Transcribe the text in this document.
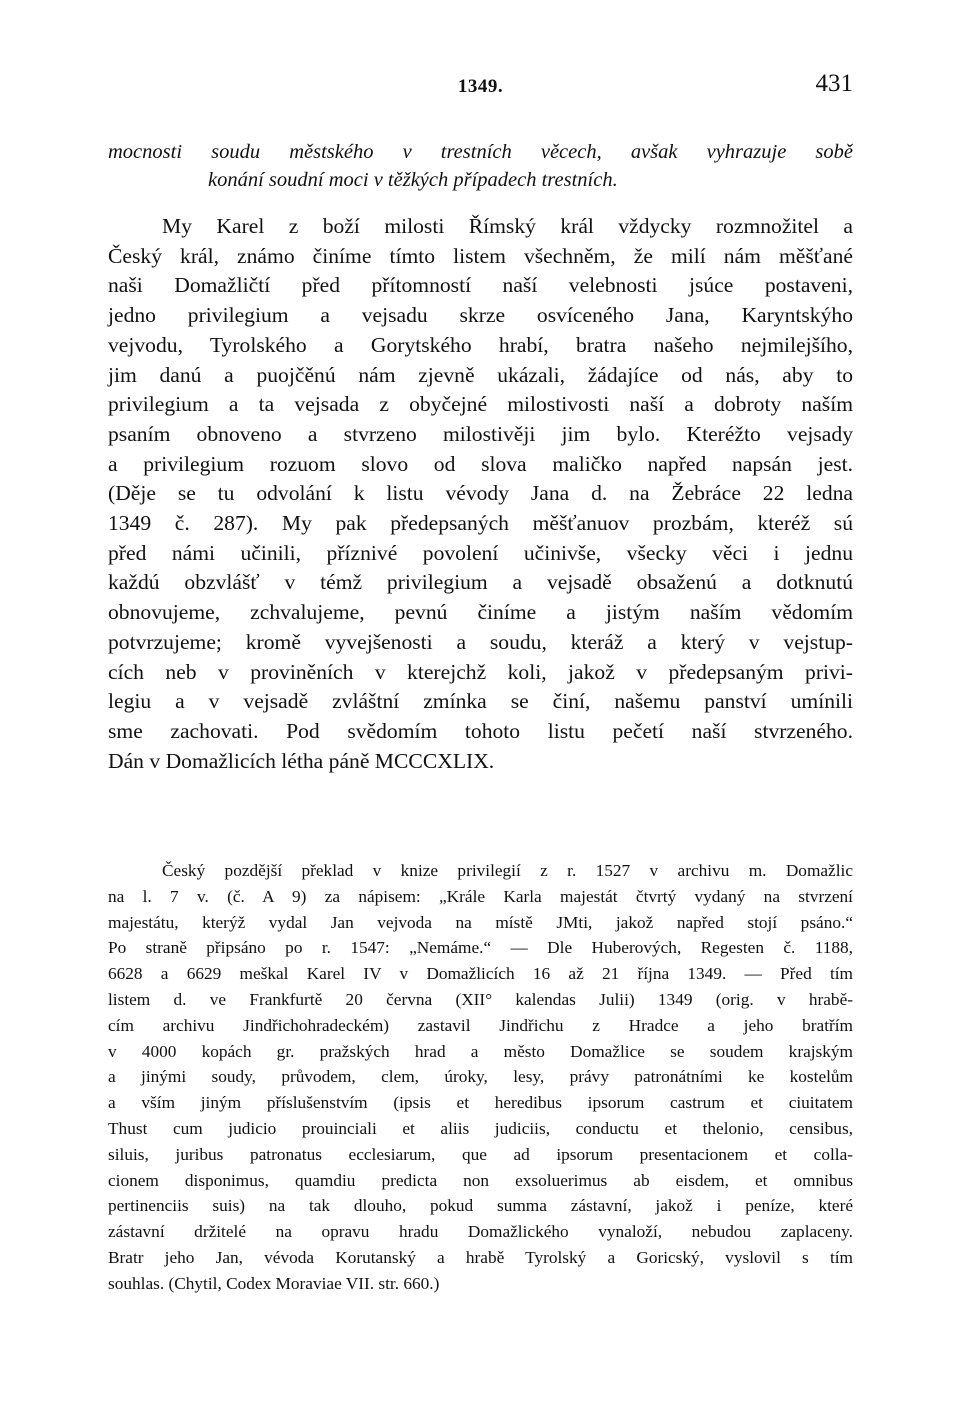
1349.	431
mocnosti soudu městského v trestních věcech, avšak vyhrazuje sobě
konání soudní moci v těžkých případech trestních.
My Karel z boží milosti Římský král vždycky rozmnožitel a
Český král, známo činíme tímto listem všechněm, že milí nám měšťané
naši Domažličtí před přítomností naší velebnosti jsúce postaveni,
jedno privilegium a vejsadu skrze osvíceného Jana, Karyntskýho
vejvodu, Tyrolského a Gorytského hrabí, bratra našeho nejmilejšího,
jim danú a puojčěnú nám zjevně ukázali, žádajíce od nás, aby to
privilegium a ta vejsada z obyčejné milostivosti naší a dobroty naším
psaním obnoveno a stvrzeno milostivěji jim bylo. Kteréžto vejsady
a privilegium rozuom slovo od slova maličko napřed napsán jest.
(Děje se tu odvolání k listu vévody Jana d. na Žebráce 22 ledna
1349 č. 287). My pak předepsaných měšťanuov prozbám, kteréž sú
před námi učinili, příznivé povolení učinivše, všecky věci i jednu
každú obzvlášť v témž privilegium a vejsadě obsaženú a dotknutú
obnovujeme, zchvalujeme, pevnú činíme a jistým naším vědomím
potvrzujeme; kromě vyvejšenosti a soudu, kteráž a který v vejstup-
cích neb v proviněních v kterejchž koli, jakož v předepsaným privi-
legiu a v vejsadě zvláštní zmínka se činí, našemu panství umínili
sme zachovati. Pod svědomím tohoto listu pečetí naší stvrzeného.
Dán v Domažlicích létha páně MCCCXLIX.
Český pozdější překlad v knize privilegií z r. 1527 v archivu m. Domažlic
na l. 7 v. (č. A 9) za nápisem: „Krále Karla majestát čtvrtý vydaný na stvrzení
majestátu, kterýž vydal Jan vejvoda na místě JMti, jakož napřed stojí psáno.“
Po straně připsáno po r. 1547: „Nemáme.“ — Dle Huberových, Regesten č. 1188,
6628 a 6629 meškal Karel IV v Domažlicích 16 až 21 října 1349. — Před tím
listem d. ve Frankfurtě 20 června (XII° kalendas Julii) 1349 (orig. v hrabě-
cím archivu Jindřichohradeckém) zastavil Jindřichu z Hradce a jeho bratřím
v 4000 kopách gr. pražských hrad a město Domažlice se soudem krajským
a jinými soudy, průvodem, clem, úroky, lesy, právy patronátními ke kostelům
a vším jiným příslušenstvím (ipsis et heredibus ipsorum castrum et ciuitatem
Thust cum judicio prouinciali et aliis judiciis, conductu et thelonio, censibus,
siluis, juribus patronatus ecclesiarum, que ad ipsorum presentacionem et colla-
cionem disponimus, quamdiu predicta non exsoluerimus ab eisdem, et omnibus
pertinenciis suis) na tak dlouho, pokud summa zástavní, jakož i peníze, které
zástavní držitelé na opravu hradu Domažlického vynaloží, nebudou zaplaceny.
Bratr jeho Jan, vévoda Korutanský a hrabě Tyrolský a Goricský, vyslovil s tím
souhlas. (Chytil, Codex Moraviae VII. str. 660.)
